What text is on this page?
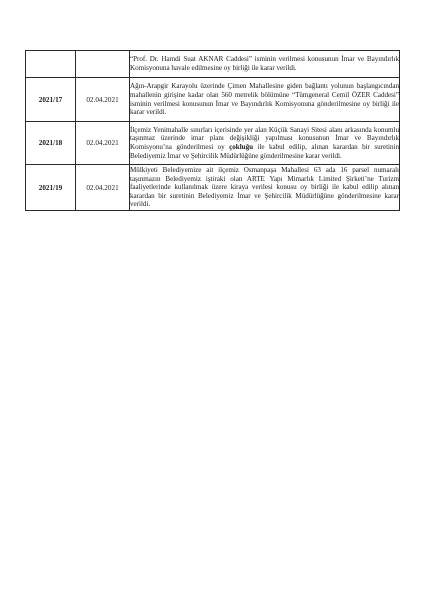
		“Prof. Dr. Hamdi Suat AKNAR Caddesi” isminin verilmesi konusunun İmar ve Bayındırlık Komisyonuna havale edilmesine oy birliği ile karar verildi.
2021/17	02.04.2021	Ağın-Arapgir Karayolu üzerinde Çimen Mahallesine giden bağlantı yolunun başlangıcından mahallenin girişine kadar olan 560 metrelik bölümüne “Tümgeneral Cemil ÖZER Caddesi” isminin verilmesi konusunun İmar ve Bayındırlık Komisyonuna gönderilmesine oy birliği ile karar verildi.
2021/18	02.04.2021	İlçemiz Yenimahalle sınırları içerisinde yer alan Küçük Sanayi Sitesi alanı arkasında konumlu taşınmaz üzerinde imar planı değişikliği yapılması konusunun İmar ve Bayındırlık Komisyonu’na gönderilmesi oy çokluğu ile kabul edilip, alınan karardan bir suretinin Belediyemiz İmar ve Şehircilik Müdürlüğüne gönderilmesine karar verildi.
2021/19	02.04.2021	Mülkiyeti Belediyemize ait ilçemiz Osmanpaşa Mahallesi 63 ada 16 parsel numaralı taşınmazın Belediyemiz iştiraki olan ARTE Yapı Mimarlık Limited Şirketi’ne Turizm faaliyetlerinde kullanılmak üzere kiraya verilesi konusu oy birliği ile kabul edilip alınan karardan bir suretinin Belediyemiz İmar ve Şehircilik Müdürlüğüne gönderilmesine karar verildi.
